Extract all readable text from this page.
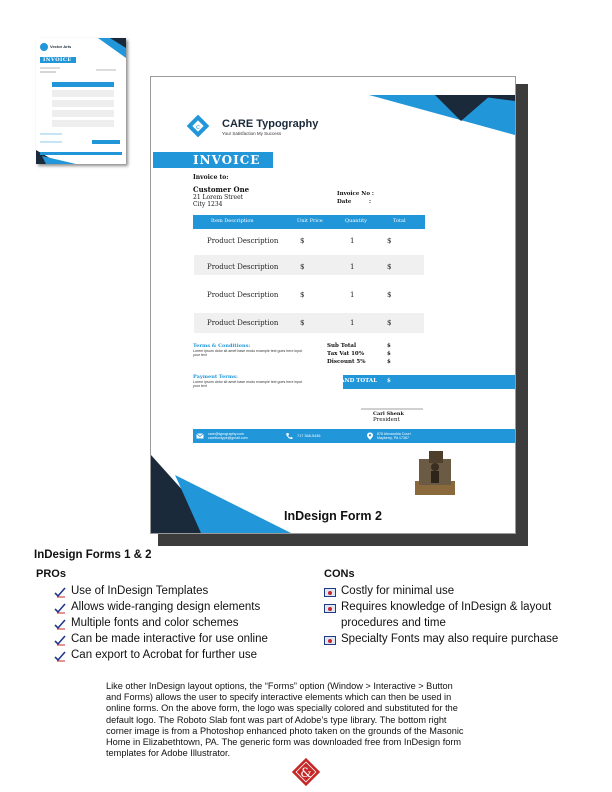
Vector Arts
INVOICE
c CARE Typography
Your Satisfaction My Success
INVOICE
Invoice to:
Customer One
21 Lorem Street
City 1234
Invoice No :
Date	:
Item Description	Unit Price	Quantity	Total
Product Description	$	1	$
Product Description	$	1	$
Product Description	$	1	$
Product Description	$	1	$
Terms & Conditions:
Lorem ipsum dolor sit amet base modo example text goes here input your text
Payment Terms:
Lorem ipsum dolor sit amet base modo example text goes here input your text
Sub Total	$
Tax Vat 10%	$
Discount 5%	$
GRAND TOTAL $
Carl Shenk
President
care@typography.com
careboxtype@gmail.com
717 368-5436	876 Alexandria Court
Mayberry, PA 17367
InDesign Form 2
InDesign Forms 1 & 2
PROs	CONs
Use of InDesign Templates
Allows wide-ranging design elements
Multiple fonts and color schemes
Can be made interactive for use online
Can export to Acrobat for further use
Costly for minimal use
Requires knowledge of InDesign & layout
procedures and time
Specialty Fonts may also require purchase
Like other InDesign layout options, the “Forms” option (Window > Interactive > Button
and Forms) allows the user to specify interactive elements which can then be used in
online forms. On the above form, the logo was specially colored and substituted for the
default logo. The Roboto Slab font was part of Adobe’s type library. The bottom right
corner image is from a Photoshop enhanced photo taken on the grounds of the Masonic
Home in Elizabethtown, PA. The generic form was downloaded free from InDesign form
templates for Adobe Illustrator.
&
